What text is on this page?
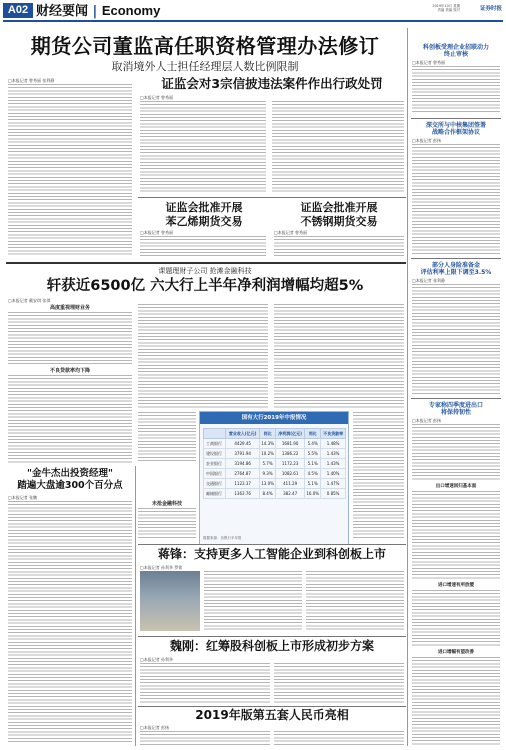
A02 财经要闻 | Economy	2019年10月 星期
责编 美编 校对	证券时报
期货公司董监高任职资格管理办法修订
取消境外人士担任经理层人数比例限制
□本报记者 曾秀丽 张利静	证监会对3宗信披违法案件作出行政处罚
□本报记者 曾秀丽
证监会批准开展
苯乙烯期货交易
□本报记者 曾秀丽
证监会批准开展
不锈钢期货交易
□本报记者 曾秀丽
课题理财子公司 抢滩金融科技
轩获近6500亿 六大行上半年净利润增幅均超5%
□本报记者 戴安琪 张琪
高度重视理财业务
不良贷款率均下降
未抢金融科技
国有大行2019年中报情况
	营业收入(亿元)	同比	净利润(亿元)	同比	不良贷款率
工商银行	4429.45	14.3%	1681.90	5.4%	1.48%
建设银行	3791.94	10.2%	1386.22	5.5%	1.43%
农业银行	3194.86	5.7%	1172.23	5.1%	1.43%
中国银行	2764.87	9.3%	1082.61	4.5%	1.40%
交通银行	1123.37	13.0%	411.29	5.1%	1.47%
邮储银行	1363.76	8.4%	382.47	16.0%	0.85%
数据来源：各银行半年报
"金牛杰出投资经理"
踏遍大盘逾300个百分点
□本报记者 张鹏
蒋锋：支持更多人工智能企业到科创板上市
□本报记者 孙利华 罗铭
魏刚：红筹股科创板上市形成初步方案
□本报记者 孙利华
2019年版第五套人民币亮相
□本报记者 彭扬
科创板受理企业招联动力
终止审核
□本报记者 曾秀丽
深交所与中核集团签署
战略合作框架协议
□本报记者 彭扬
部分人身险准备金
评估利率上限下调至3.5%
□本报记者 张利静
专家称四季度进出口
将保持韧性
□本报记者 彭扬
出口增速回归基本面
进口增速有所放缓
进口增幅有望改善
